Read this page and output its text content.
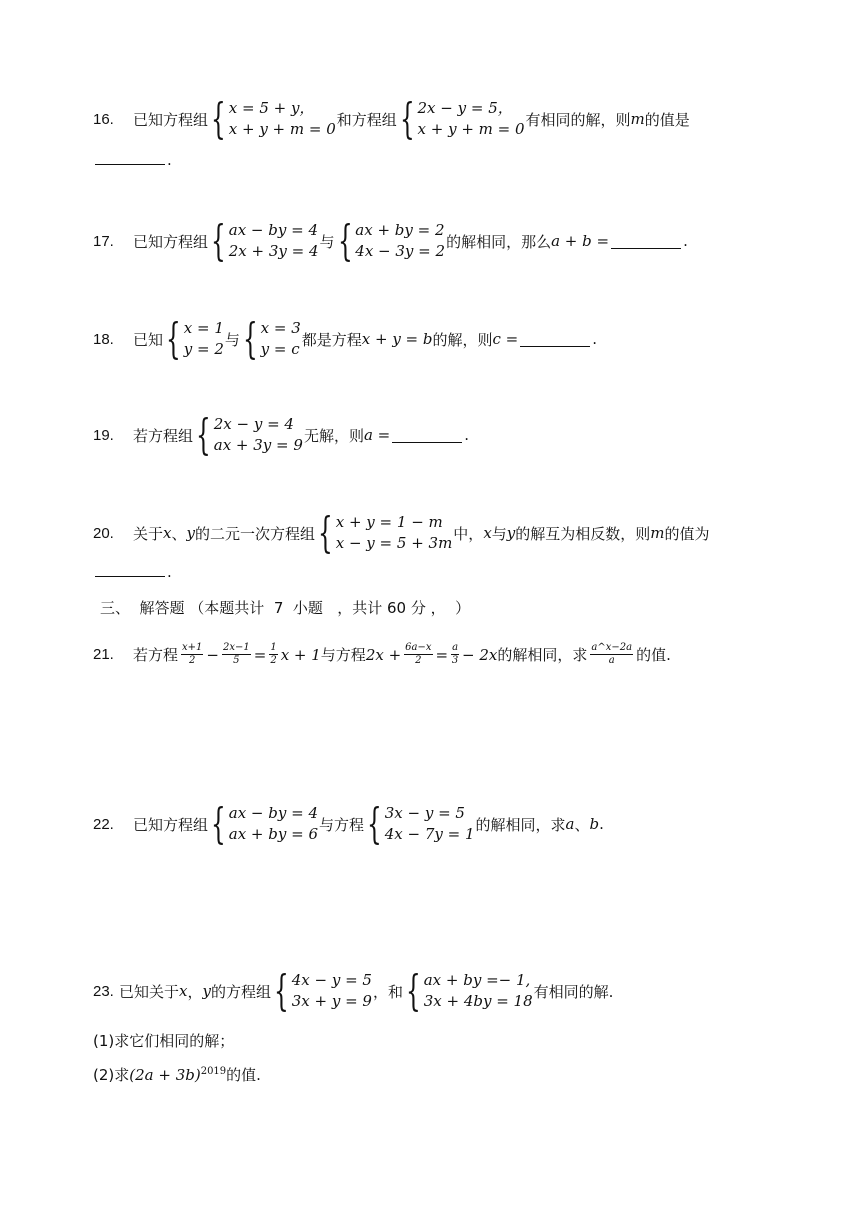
16.	已知方程组 { x = 5 + y，
x + y + m = 0
和方程组 { 2x − y = 5，
x + y + m = 0
有相同的解，则 m 的值是
.
17.	已知方程组 { ax − by = 4
2x + 3y = 4
与 { ax + by = 2
4x − 3y = 2
的解相同，那么 a + b =	.
18.	已知 { x = 1
y = 2
与 { x = 3
y = c
都是方程 x + y = b 的解，则 c =	.
19.	若方程组 { 2x − y = 4
ax + 3y = 9
无解，则 a =	.
20.	关于 x 、 y 的二元一次方程组 { x + y = 1 − m
x − y = 5 + 3m
中， x 与 y 的解互为相反数，则 m 的值为
.
三、  解答题 （本题共计  7  小题   ，共计 60 分 ，  ）
21.	若方程 $\frac{x+1}{2} - \frac{2x-1}{5} = \frac{1}{2}$ x + 1 与方程 $2x + \frac{6a-x}{2} = \frac{a}{3} - 2x$ 的解相同，求 $\frac{a\^{}x-2a}{a}$ 的值.
22.	已知方程组 { ax − by = 4
ax + by = 6
与方程 { 3x − y = 5
4x − 7y = 1
的解相同，求 a 、 b .
23. 已知关于 x ， y 的方程组 { 4x − y = 5
3x + y = 9
，和 { ax + by =− 1,
3x + 4by = 18
有相同的解.
(1)求它们相同的解；
(2)求$(2a + 3b)^{2019}$的值.
